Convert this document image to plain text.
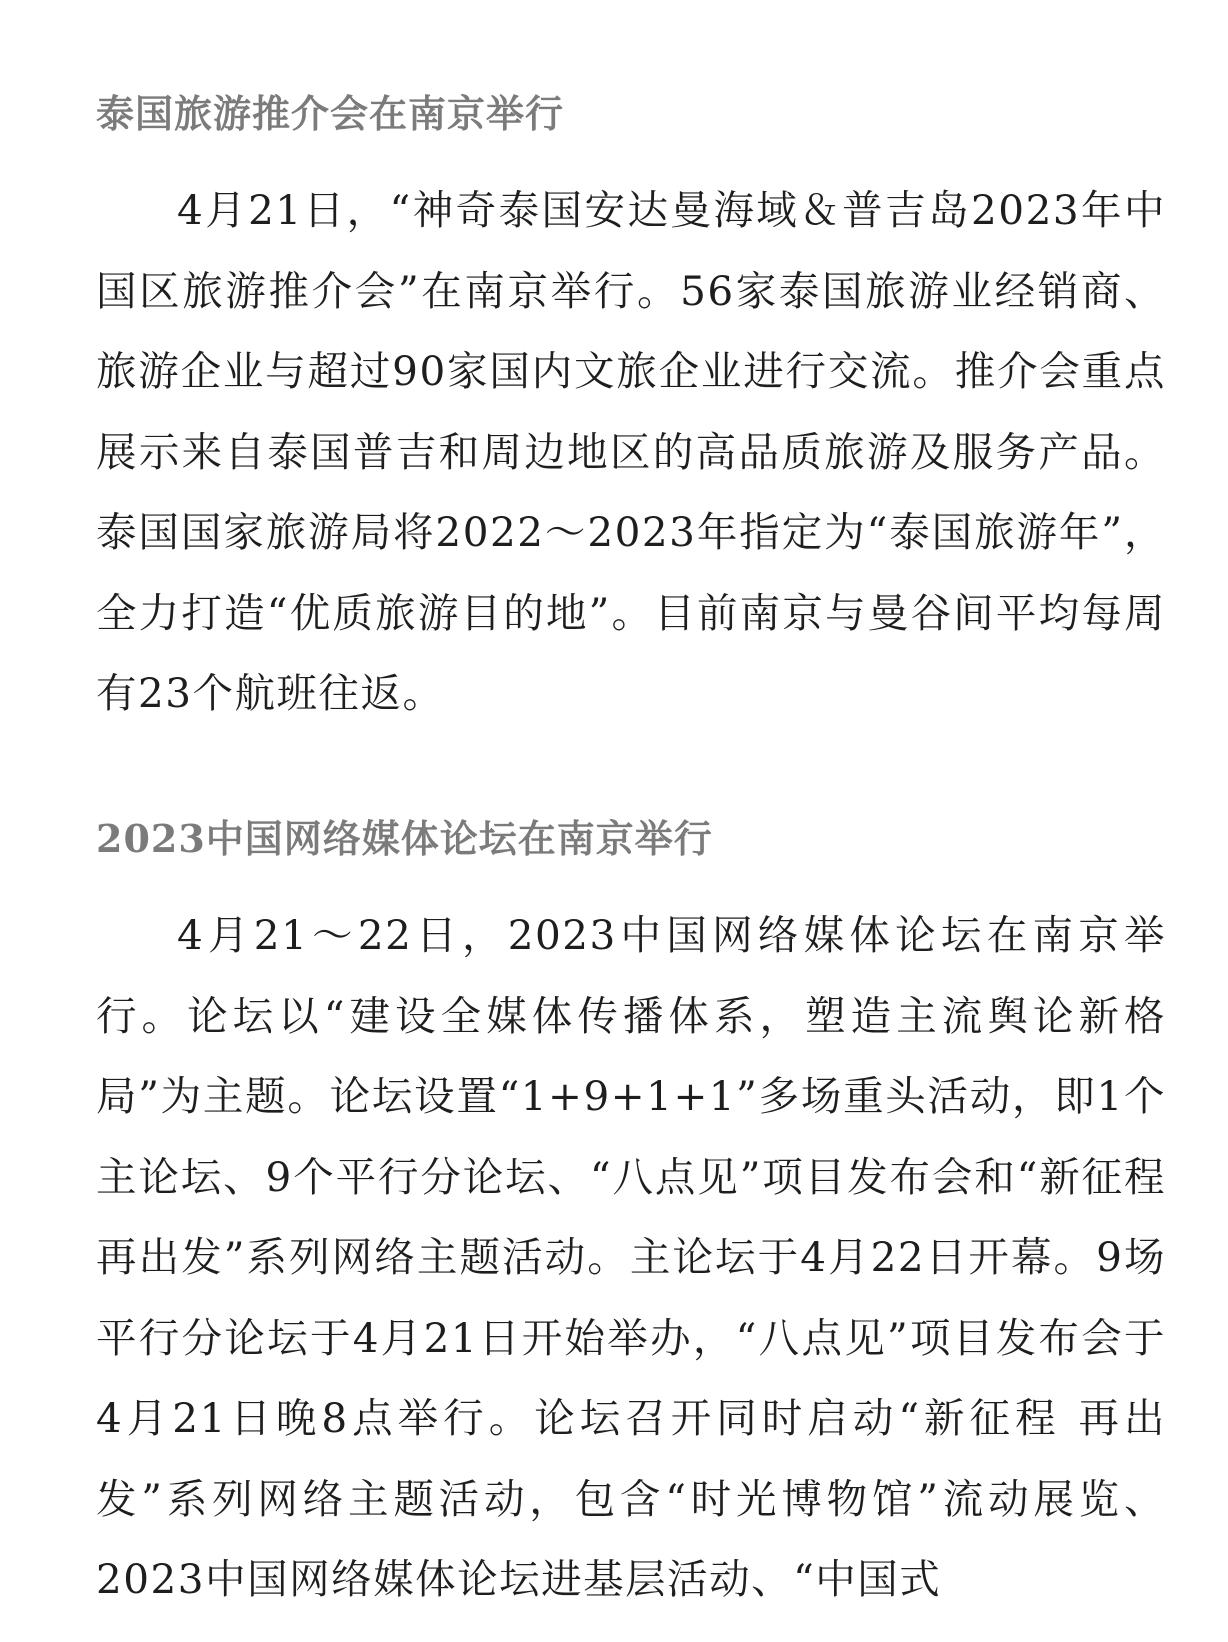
泰国旅游推介会在南京举行

4月21日，“神奇泰国安达曼海域＆普吉岛2023年中国区旅游推介会”在南京举行。56家泰国旅游业经销商、旅游企业与超过90家国内文旅企业进行交流。推介会重点展示来自泰国普吉和周边地区的高品质旅游及服务产品。泰国国家旅游局将2022～2023年指定为“泰国旅游年”，全力打造“优质旅游目的地”。目前南京与曼谷间平均每周有23个航班往返。

2023中国网络媒体论坛在南京举行

4月21～22日，2023中国网络媒体论坛在南京举行。论坛以“建设全媒体传播体系，塑造主流舆论新格局”为主题。论坛设置“1+9+1+1”多场重头活动，即1个主论坛、9个平行分论坛、“八点见”项目发布会和“新征程 再出发”系列网络主题活动。主论坛于4月22日开幕。9场平行分论坛于4月21日开始举办，“八点见”项目发布会于4月21日晚8点举行。论坛召开同时启动“新征程 再出发”系列网络主题活动，包含“时光博物馆”流动展览、2023中国网络媒体论坛进基层活动、“中国式
